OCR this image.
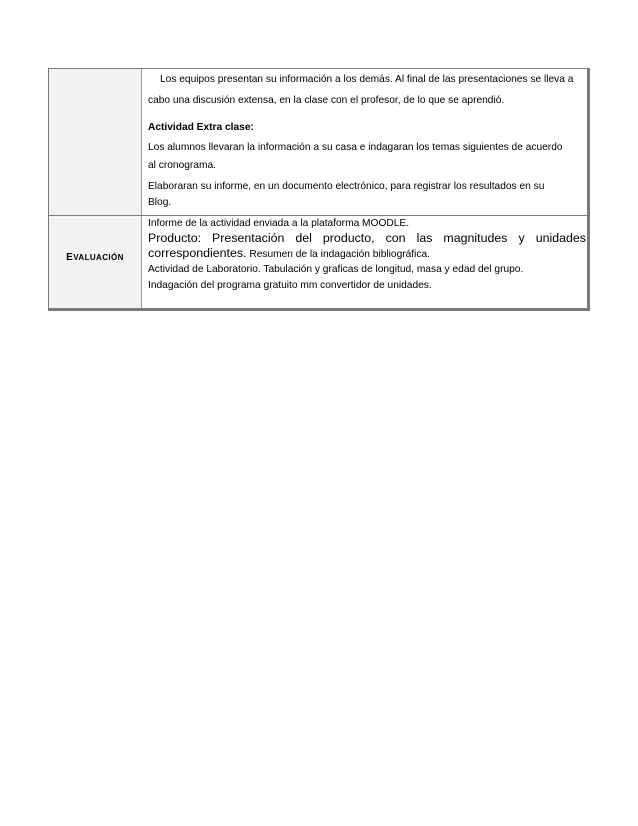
Los equipos presentan su información a los demás. Al final de las presentaciones se lleva a
cabo una discusión extensa, en la clase con el profesor, de lo que se aprendió.
Actividad Extra clase:
Los alumnos llevaran la información a su casa e indagaran los temas siguientes de acuerdo
al cronograma.
Elaboraran su informe, en un documento electrónico, para registrar los resultados en su
Blog.
EVALUACIÓN
Informe de la actividad enviada a la plataforma MOODLE.
Producto: Presentación del producto, con las magnitudes y unidades
correspondientes. Resumen de la indagación bibliográfica.
Actividad de Laboratorio. Tabulación y graficas de longitud, masa y edad del grupo.
Indagación del programa gratuito mm convertidor de unidades.
